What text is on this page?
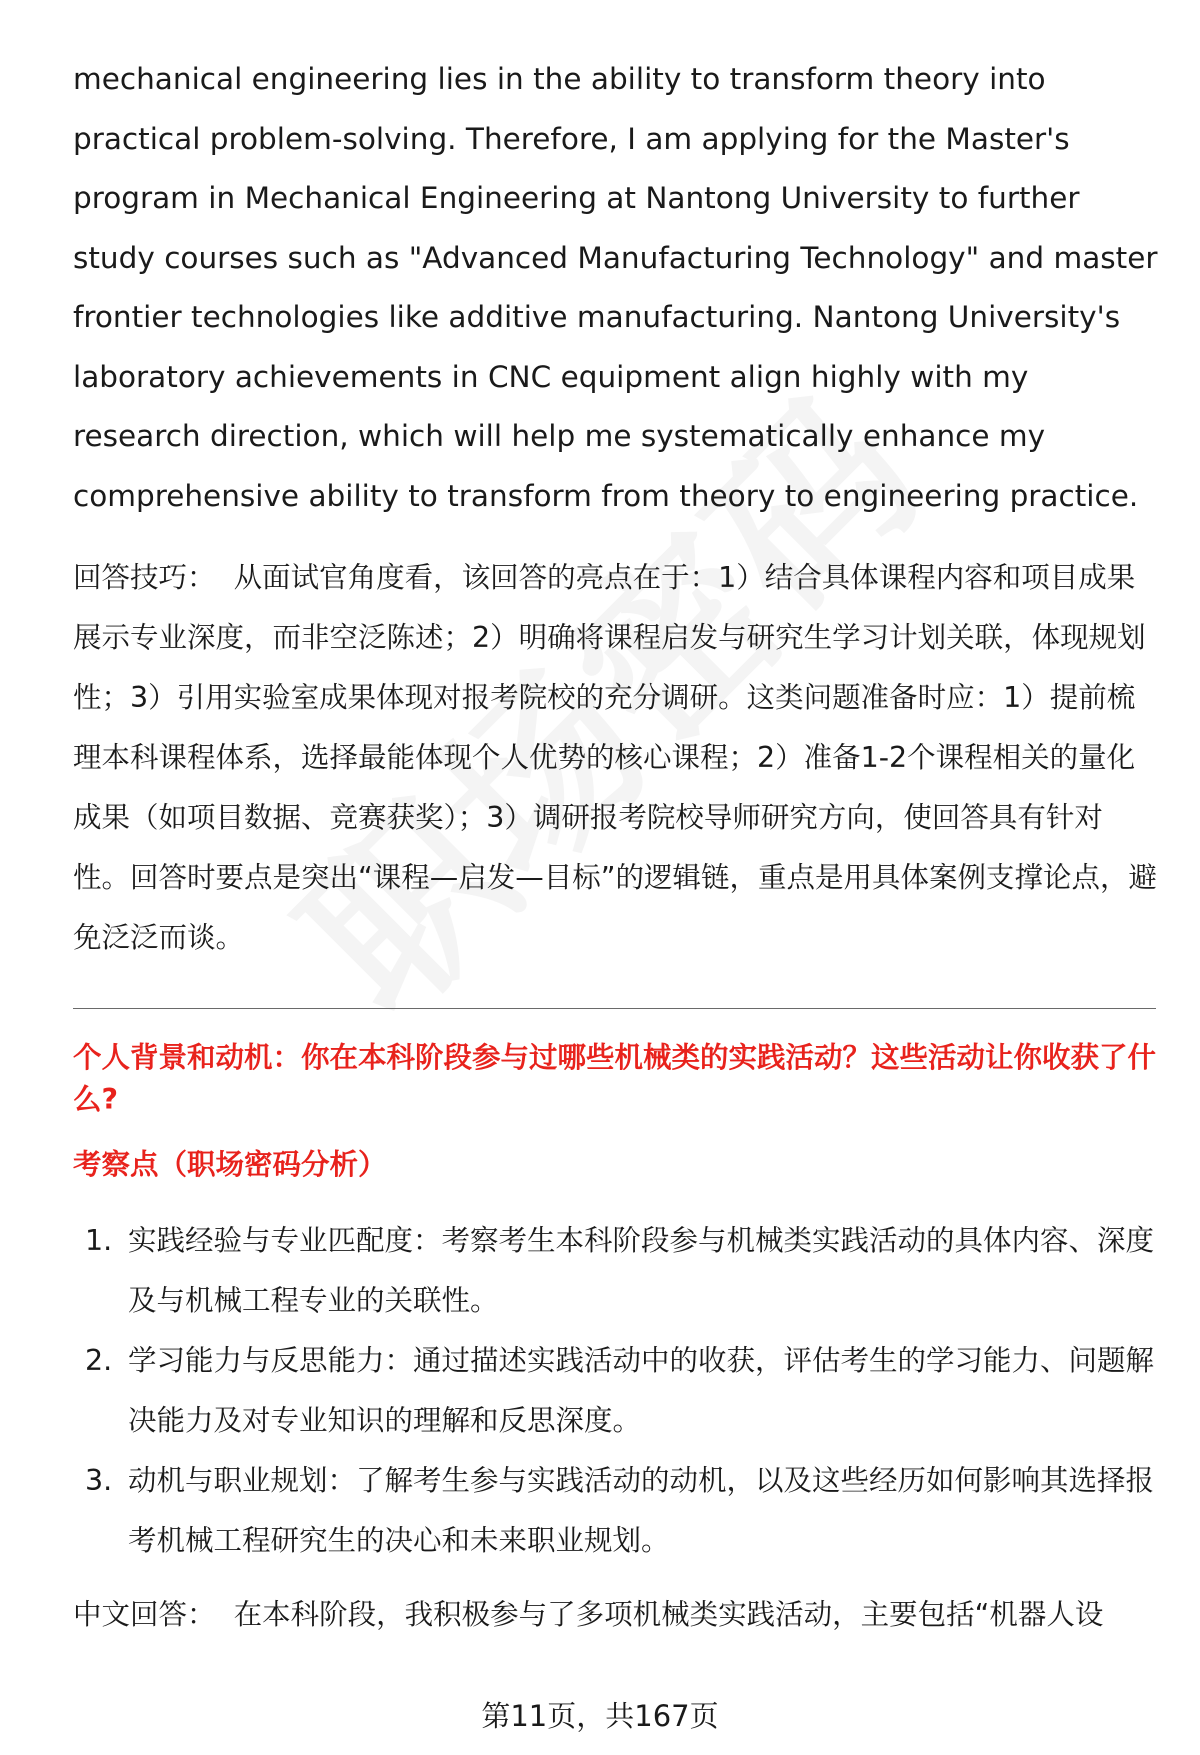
mechanical engineering lies in the ability to transform theory into practical problem-solving. Therefore, I am applying for the Master's program in Mechanical Engineering at Nantong University to further study courses such as "Advanced Manufacturing Technology" and master frontier technologies like additive manufacturing. Nantong University's laboratory achievements in CNC equipment align highly with my research direction, which will help me systematically enhance my comprehensive ability to transform from theory to engineering practice.

回答技巧： 从面试官角度看，该回答的亮点在于：1）结合具体课程内容和项目成果展示专业深度，而非空泛陈述；2）明确将课程启发与研究生学习计划关联，体现规划性；3）引用实验室成果体现对报考院校的充分调研。这类问题准备时应：1）提前梳理本科课程体系，选择最能体现个人优势的核心课程；2）准备1-2个课程相关的量化成果（如项目数据、竞赛获奖）；3）调研报考院校导师研究方向，使回答具有针对性。回答时要点是突出“课程—启发—目标”的逻辑链，重点是用具体案例支撑论点，避免泛泛而谈。

个人背景和动机：你在本科阶段参与过哪些机械类的实践活动？这些活动让你收获了什么?
考察点（职场密码分析）
1. 实践经验与专业匹配度：考察考生本科阶段参与机械类实践活动的具体内容、深度及与机械工程专业的关联性。
2. 学习能力与反思能力：通过描述实践活动中的收获，评估考生的学习能力、问题解决能力及对专业知识的理解和反思深度。
3. 动机与职业规划：了解考生参与实践活动的动机，以及这些经历如何影响其选择报考机械工程研究生的决心和未来职业规划。

中文回答： 在本科阶段，我积极参与了多项机械类实践活动，主要包括“机器人设

第11页，共167页
